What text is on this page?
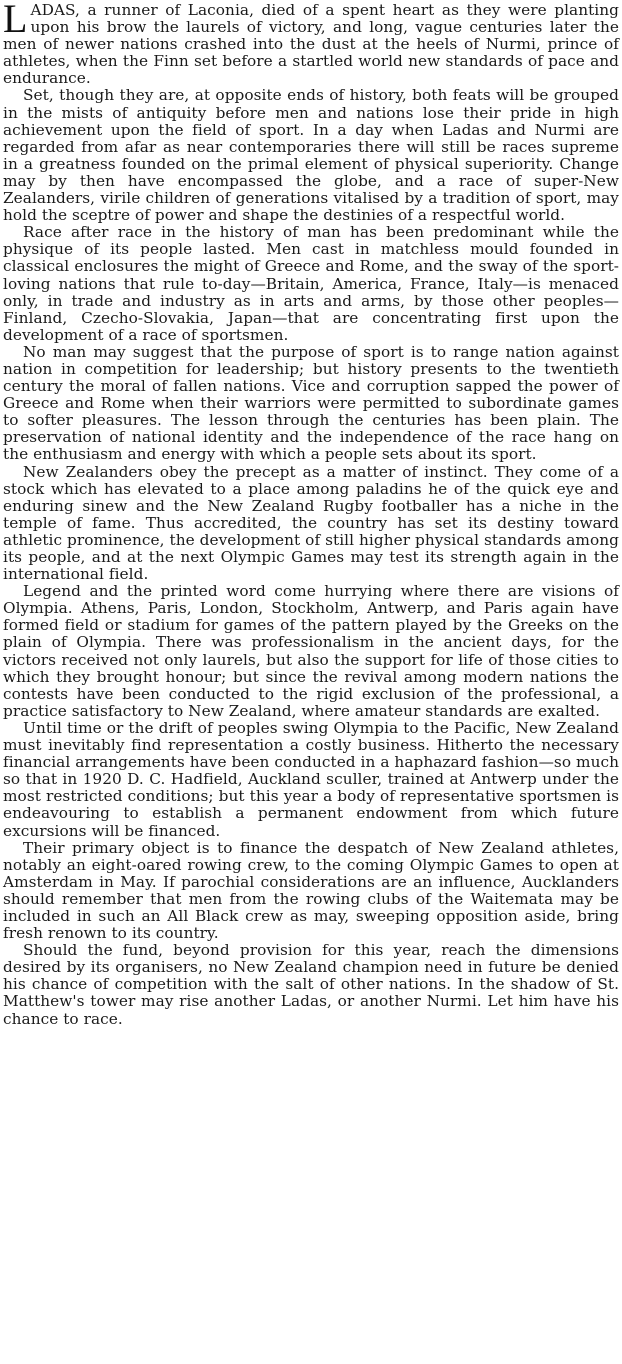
LADAS, a runner of Laconia, died of a spent heart as they were planting upon his brow the laurels of victory, and long, vague centuries later the men of newer nations crashed into the dust at the heels of Nurmi, prince of athletes, when the Finn set before a startled world new standards of pace and endurance.

Set, though they are, at opposite ends of history, both feats will be grouped in the mists of antiquity before men and nations lose their pride in high achievement upon the field of sport. In a day when Ladas and Nurmi are regarded from afar as near contemporaries there will still be races supreme in a greatness founded on the primal element of physical superiority. Change may by then have encompassed the globe, and a race of super-New Zealanders, virile children of generations vitalised by a tradition of sport, may hold the sceptre of power and shape the destinies of a respectful world.

Race after race in the history of man has been predominant while the physique of its people lasted. Men cast in matchless mould founded in classical enclosures the might of Greece and Rome, and the sway of the sport-loving nations that rule to-day—Britain, America, France, Italy—is menaced only, in trade and industry as in arts and arms, by those other peoples—Finland, Czecho-Slovakia, Japan—that are concentrating first upon the development of a race of sportsmen.

No man may suggest that the purpose of sport is to range nation against nation in competition for leadership; but history presents to the twentieth century the moral of fallen nations. Vice and corruption sapped the power of Greece and Rome when their warriors were permitted to subordinate games to softer pleasures. The lesson through the centuries has been plain. The preservation of national identity and the independence of the race hang on the enthusiasm and energy with which a people sets about its sport.

New Zealanders obey the precept as a matter of instinct. They come of a stock which has elevated to a place among paladins he of the quick eye and enduring sinew and the New Zealand Rugby footballer has a niche in the temple of fame. Thus accredited, the country has set its destiny toward athletic prominence, the development of still higher physical standards among its people, and at the next Olympic Games may test its strength again in the international field.

Legend and the printed word come hurrying where there are visions of Olympia. Athens, Paris, London, Stockholm, Antwerp, and Paris again have formed field or stadium for games of the pattern played by the Greeks on the plain of Olympia. There was professionalism in the ancient days, for the victors received not only laurels, but also the support for life of those cities to which they brought honour; but since the revival among modern nations the contests have been conducted to the rigid exclusion of the professional, a practice satisfactory to New Zealand, where amateur standards are exalted.

Until time or the drift of peoples swing Olympia to the Pacific, New Zealand must inevitably find representation a costly business. Hitherto the necessary financial arrangements have been conducted in a haphazard fashion—so much so that in 1920 D. C. Hadfield, Auckland sculler, trained at Antwerp under the most restricted conditions; but this year a body of representative sportsmen is endeavouring to establish a permanent endowment from which future excursions will be financed.

Their primary object is to finance the despatch of New Zealand athletes, notably an eight-oared rowing crew, to the coming Olympic Games to open at Amsterdam in May. If parochial considerations are an influence, Aucklanders should remember that men from the rowing clubs of the Waitemata may be included in such an All Black crew as may, sweeping opposition aside, bring fresh renown to its country.

Should the fund, beyond provision for this year, reach the dimensions desired by its organisers, no New Zealand champion need in future be denied his chance of competition with the salt of other nations. In the shadow of St. Matthew's tower may rise another Ladas, or another Nurmi. Let him have his chance to race.
